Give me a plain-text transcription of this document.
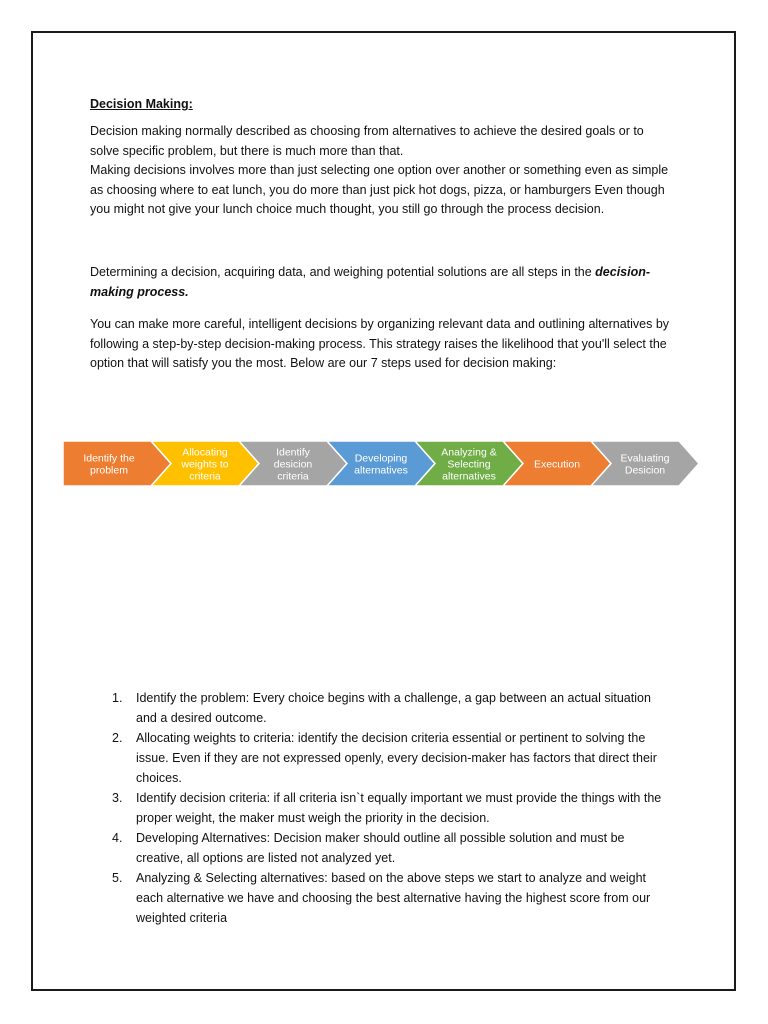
Decision Making:

Decision making normally described as choosing from alternatives to achieve the desired goals or to solve specific problem, but there is much more than that.

Making decisions involves more than just selecting one option over another or something even as simple as choosing where to eat lunch, you do more than just pick hot dogs, pizza, or hamburgers Even though you might not give your lunch choice much thought, you still go through the process decision.

Determining a decision, acquiring data, and weighing potential solutions are all steps in the decision-making process.
You can make more careful, intelligent decisions by organizing relevant data and outlining alternatives by following a step-by-step decision-making process. This strategy raises the likelihood that you'll select the option that will satisfy you the most. Below are our 7 steps used for decision making:
Identify the
problem
Allocating
weights to
criteria
Identify
desicion
criteria
Developing
alternatives
Analyzing &
Selecting
alternatives
Execution	Evaluating
Desicion
1. Identify the problem: Every choice begins with a challenge, a gap between an actual situation and a desired outcome.
2. Allocating weights to criteria: identify the decision criteria essential or pertinent to solving the issue. Even if they are not expressed openly, every decision-maker has factors that direct their choices.
3. Identify decision criteria: if all criteria isn`t equally important we must provide the things with the proper weight, the maker must weigh the priority in the decision.
4. Developing Alternatives: Decision maker should outline all possible solution and must be creative, all options are listed not analyzed yet.
5. Analyzing & Selecting alternatives: based on the above steps we start to analyze and weight each alternative we have and choosing the best alternative having the highest score from our weighted criteria
